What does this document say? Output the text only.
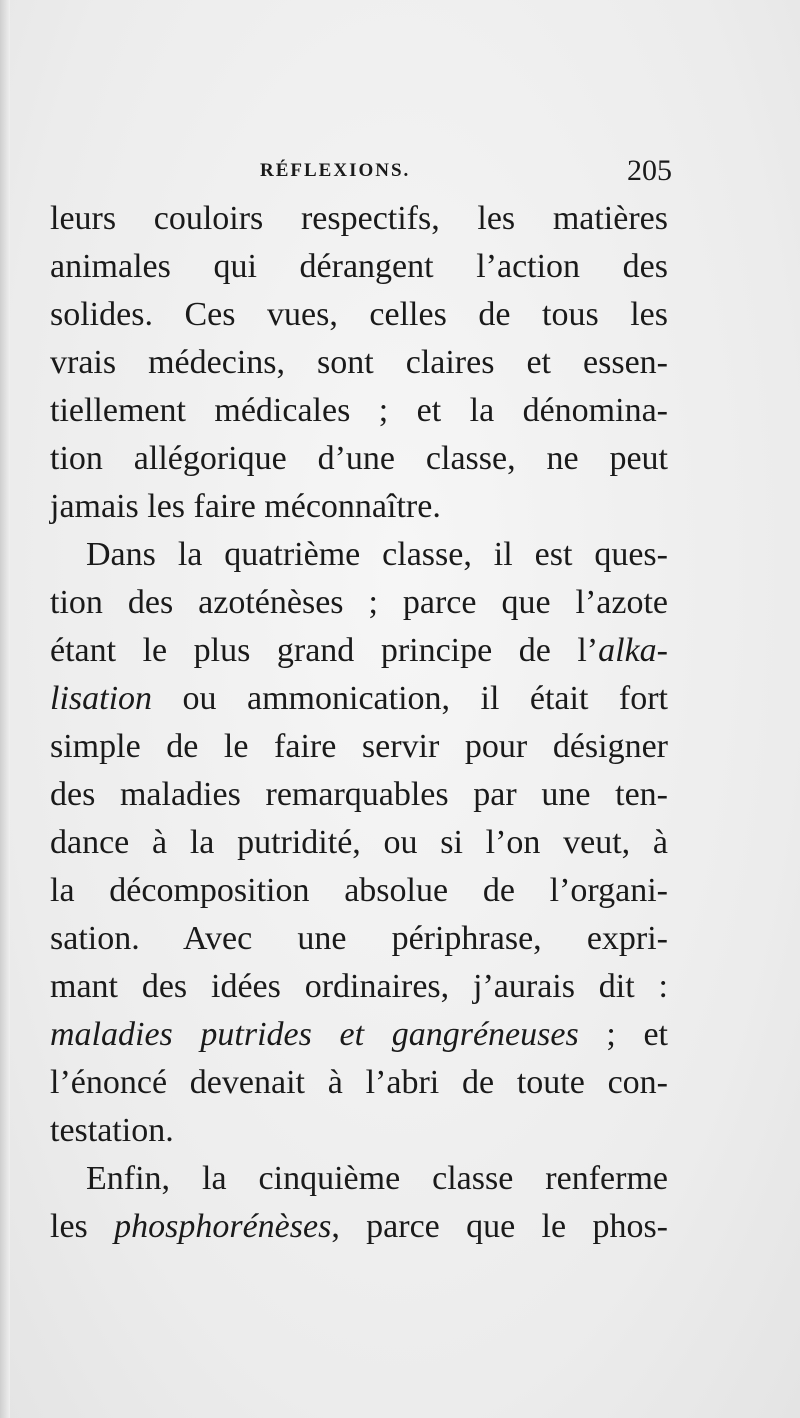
RÉFLEXIONS.	205
leurs couloirs respectifs, les matières
animales qui dérangent l’action des
solides. Ces vues, celles de tous les
vrais médecins, sont claires et essen-
tiellement médicales ; et la dénomina-
tion allégorique d’une classe, ne peut
jamais les faire méconnaître.
Dans la quatrième classe, il est ques-
tion des azoténèses ; parce que l’azote
étant le plus grand principe de l’alka-
lisation ou ammonication, il était fort
simple de le faire servir pour désigner
des maladies remarquables par une ten-
dance à la putridité, ou si l’on veut, à
la décomposition absolue de l’organi-
sation. Avec une périphrase, expri-
mant des idées ordinaires, j’aurais dit :
maladies putrides et gangréneuses ; et
l’énoncé devenait à l’abri de toute con-
testation.
Enfin, la cinquième classe renferme
les phosphorénèses, parce que le phos-
